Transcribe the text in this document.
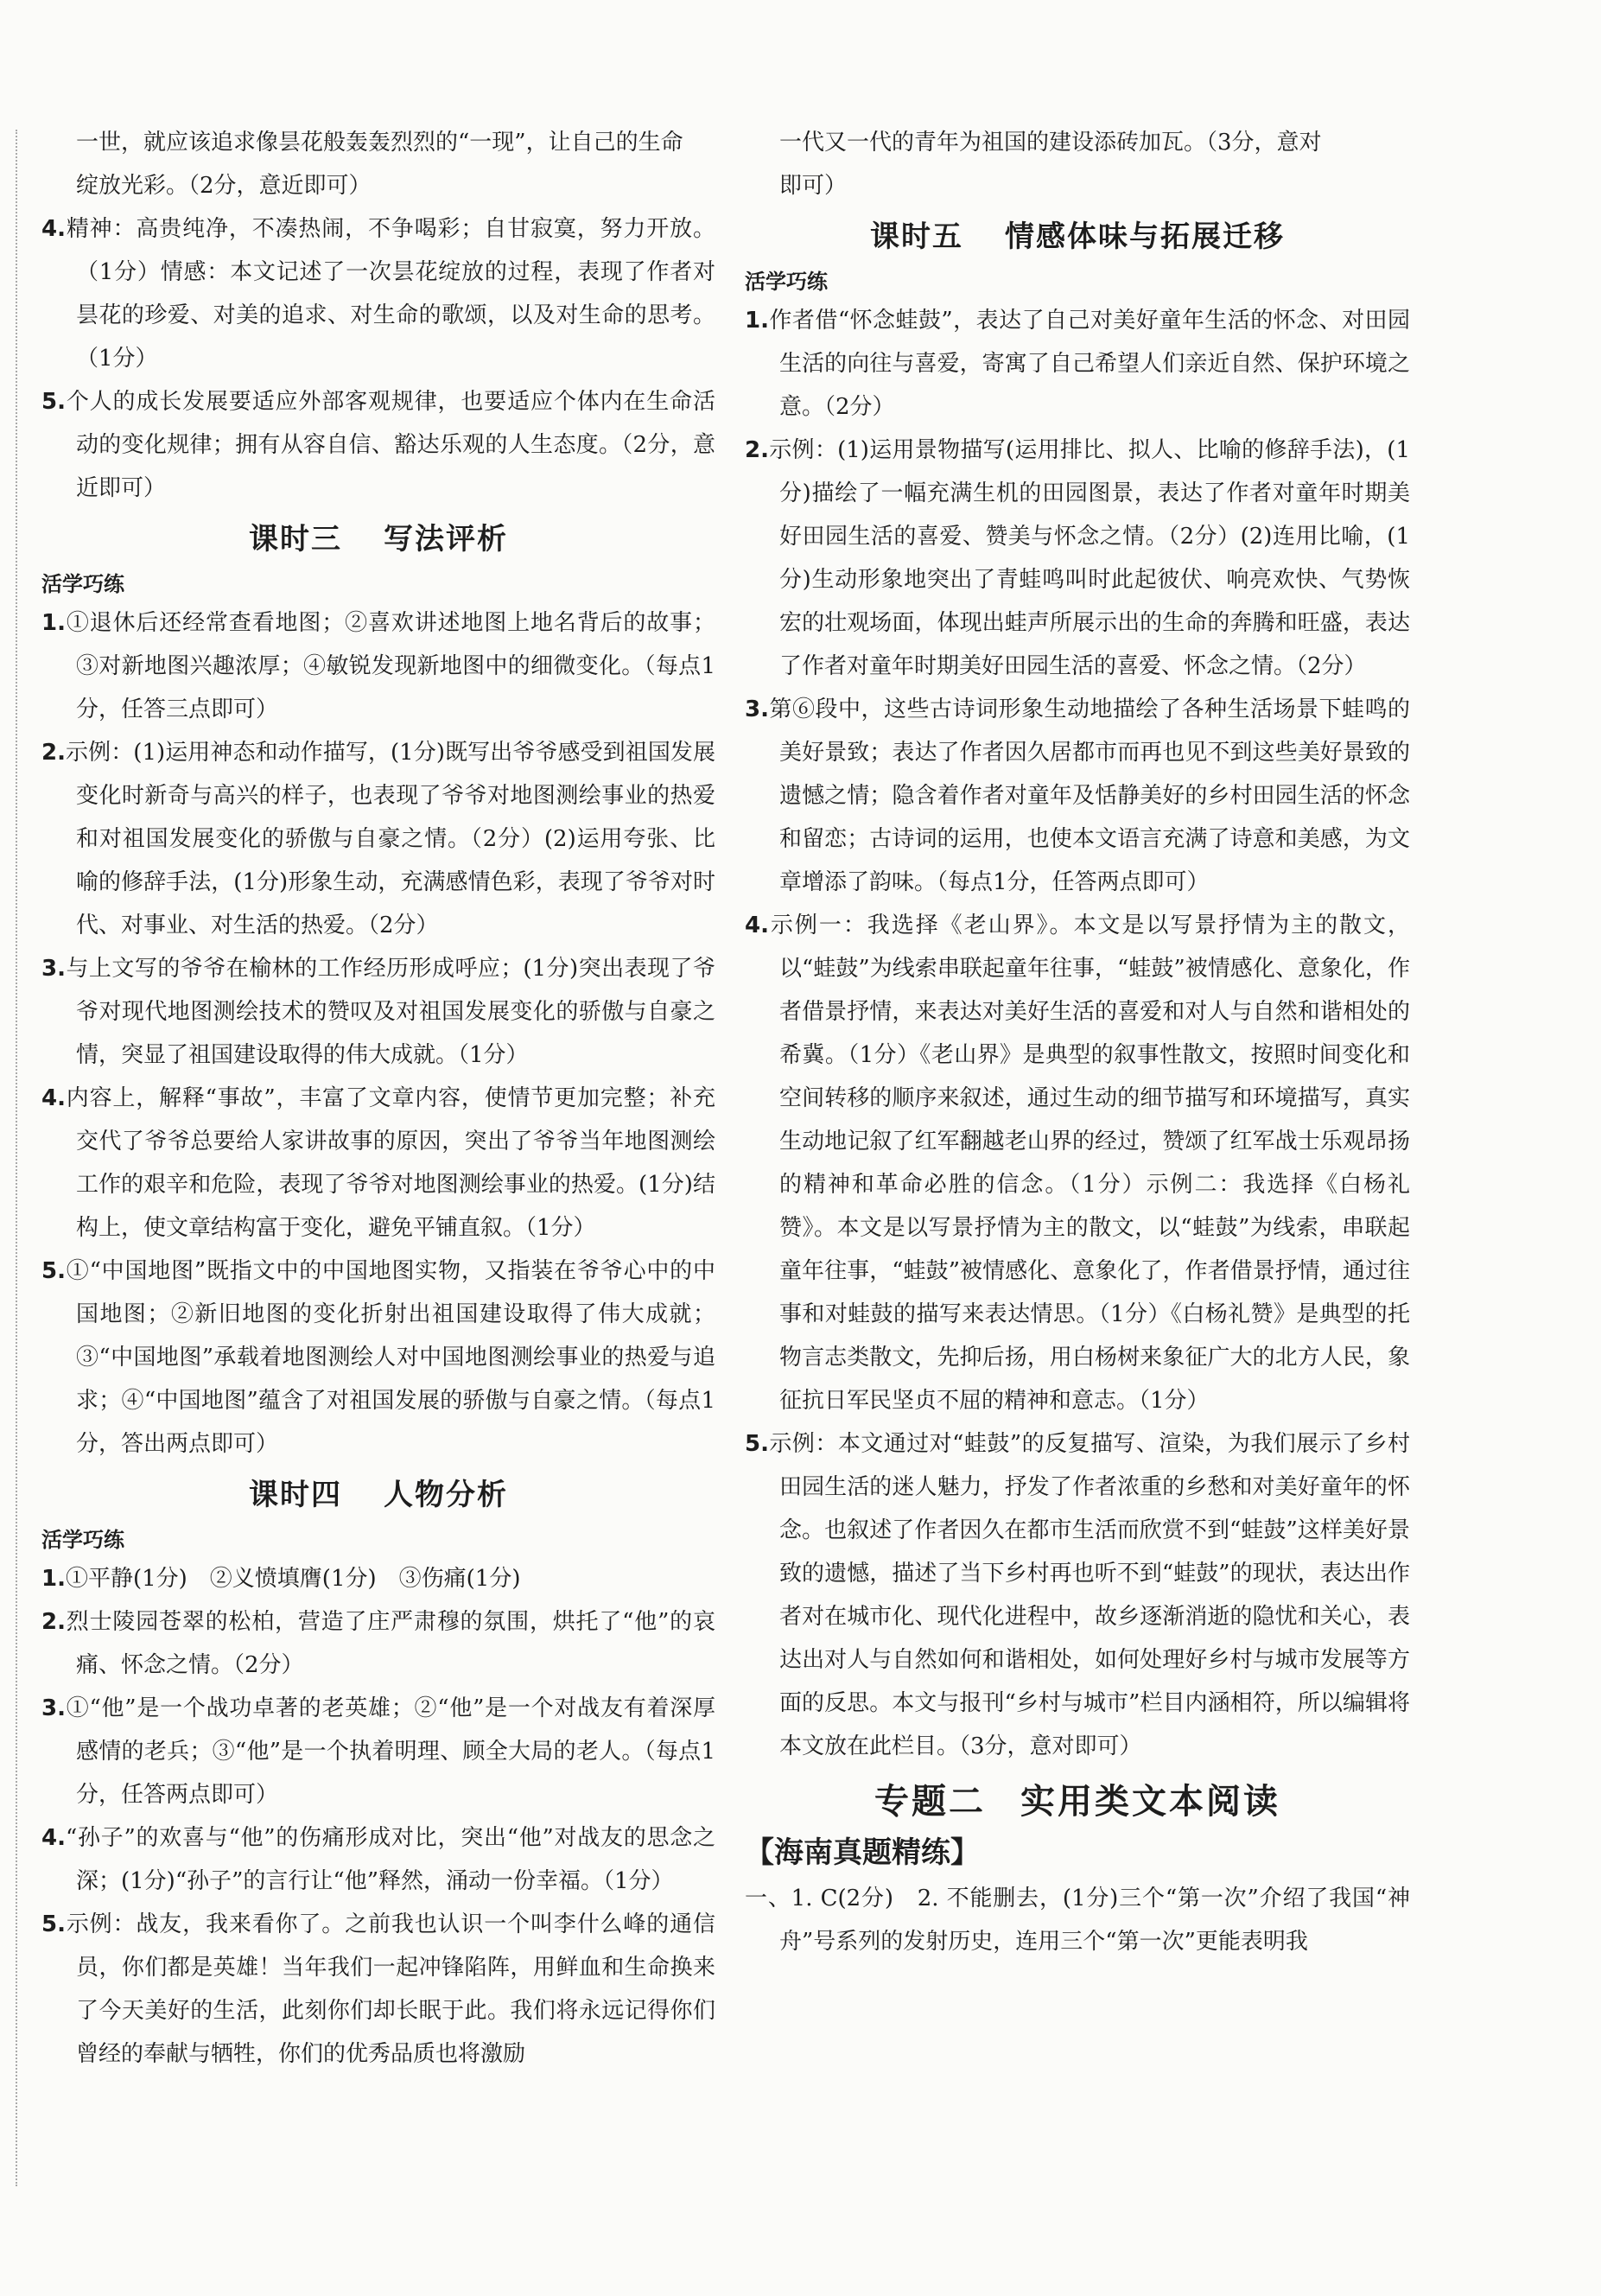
一世，就应该追求像昙花般轰轰烈烈的“一现”，让自己的生命

绽放光彩。（2分，意近即可）

4.精神：高贵纯净，不凑热闹，不争喝彩；自甘寂寞，努力开放。（1分）情感：本文记述了一次昙花绽放的过程，表现了作者对昙花的珍爱、对美的追求、对生命的歌颂，以及对生命的思考。（1分）

5.个人的成长发展要适应外部客观规律，也要适应个体内在生命活动的变化规律；拥有从容自信、豁达乐观的人生态度。（2分，意近即可）

课时三 写法评析

活学巧练

1.①退休后还经常查看地图；②喜欢讲述地图上地名背后的故事；③对新地图兴趣浓厚；④敏锐发现新地图中的细微变化。（每点1分，任答三点即可）

2.示例：(1)运用神态和动作描写，(1分)既写出爷爷感受到祖国发展变化时新奇与高兴的样子，也表现了爷爷对地图测绘事业的热爱和对祖国发展变化的骄傲与自豪之情。（2分）(2)运用夸张、比喻的修辞手法，(1分)形象生动，充满感情色彩，表现了爷爷对时代、对事业、对生活的热爱。（2分）

3.与上文写的爷爷在榆林的工作经历形成呼应；(1分)突出表现了爷爷对现代地图测绘技术的赞叹及对祖国发展变化的骄傲与自豪之情，突显了祖国建设取得的伟大成就。（1分）

4.内容上，解释“事故”，丰富了文章内容，使情节更加完整；补充交代了爷爷总要给人家讲故事的原因，突出了爷爷当年地图测绘工作的艰辛和危险，表现了爷爷对地图测绘事业的热爱。(1分)结构上，使文章结构富于变化，避免平铺直叙。（1分）

5.①“中国地图”既指文中的中国地图实物，又指装在爷爷心中的中国地图；②新旧地图的变化折射出祖国建设取得了伟大成就；③“中国地图”承载着地图测绘人对中国地图测绘事业的热爱与追求；④“中国地图”蕴含了对祖国发展的骄傲与自豪之情。（每点1分，答出两点即可）

课时四 人物分析

活学巧练

1.①平静(1分)　②义愤填膺(1分)　③伤痛(1分)

2.烈士陵园苍翠的松柏，营造了庄严肃穆的氛围，烘托了“他”的哀痛、怀念之情。（2分）

3.①“他”是一个战功卓著的老英雄；②“他”是一个对战友有着深厚感情的老兵；③“他”是一个执着明理、顾全大局的老人。（每点1分，任答两点即可）

4.“孙子”的欢喜与“他”的伤痛形成对比，突出“他”对战友的思念之深；(1分)“孙子”的言行让“他”释然，涌动一份幸福。（1分）

5.示例：战友，我来看你了。之前我也认识一个叫李什么峰的通信员，你们都是英雄！当年我们一起冲锋陷阵，用鲜血和生命换来了今天美好的生活，此刻你们却长眠于此。我们将永远记得你们曾经的奉献与牺牲，你们的优秀品质也将激励

一代又一代的青年为祖国的建设添砖加瓦。（3分，意对

即可）

课时五 情感体味与拓展迁移

活学巧练

1.作者借“怀念蛙鼓”，表达了自己对美好童年生活的怀念、对田园生活的向往与喜爱，寄寓了自己希望人们亲近自然、保护环境之意。（2分）

2.示例：(1)运用景物描写(运用排比、拟人、比喻的修辞手法)，(1分)描绘了一幅充满生机的田园图景，表达了作者对童年时期美好田园生活的喜爱、赞美与怀念之情。（2分）(2)连用比喻，(1分)生动形象地突出了青蛙鸣叫时此起彼伏、响亮欢快、气势恢宏的壮观场面，体现出蛙声所展示出的生命的奔腾和旺盛，表达了作者对童年时期美好田园生活的喜爱、怀念之情。（2分）

3.第⑥段中，这些古诗词形象生动地描绘了各种生活场景下蛙鸣的美好景致；表达了作者因久居都市而再也见不到这些美好景致的遗憾之情；隐含着作者对童年及恬静美好的乡村田园生活的怀念和留恋；古诗词的运用，也使本文语言充满了诗意和美感，为文章增添了韵味。（每点1分，任答两点即可）

4.示例一：我选择《老山界》。本文是以写景抒情为主的散文，以“蛙鼓”为线索串联起童年往事，“蛙鼓”被情感化、意象化，作者借景抒情，来表达对美好生活的喜爱和对人与自然和谐相处的希冀。（1分）《老山界》是典型的叙事性散文，按照时间变化和空间转移的顺序来叙述，通过生动的细节描写和环境描写，真实生动地记叙了红军翻越老山界的经过，赞颂了红军战士乐观昂扬的精神和革命必胜的信念。（1分）示例二：我选择《白杨礼赞》。本文是以写景抒情为主的散文，以“蛙鼓”为线索，串联起童年往事，“蛙鼓”被情感化、意象化了，作者借景抒情，通过往事和对蛙鼓的描写来表达情思。（1分）《白杨礼赞》是典型的托物言志类散文，先抑后扬，用白杨树来象征广大的北方人民，象征抗日军民坚贞不屈的精神和意志。（1分）

5.示例：本文通过对“蛙鼓”的反复描写、渲染，为我们展示了乡村田园生活的迷人魅力，抒发了作者浓重的乡愁和对美好童年的怀念。也叙述了作者因久在都市生活而欣赏不到“蛙鼓”这样美好景致的遗憾，描述了当下乡村再也听不到“蛙鼓”的现状，表达出作者对在城市化、现代化进程中，故乡逐渐消逝的隐忧和关心，表达出对人与自然如何和谐相处，如何处理好乡村与城市发展等方面的反思。本文与报刊“乡村与城市”栏目内涵相符，所以编辑将本文放在此栏目。（3分，意对即可）

专题二 实用类文本阅读

【海南真题精练】

一、1. C(2分)　2. 不能删去，(1分)三个“第一次”介绍了我国“神舟”号系列的发射历史，连用三个“第一次”更能表明我
